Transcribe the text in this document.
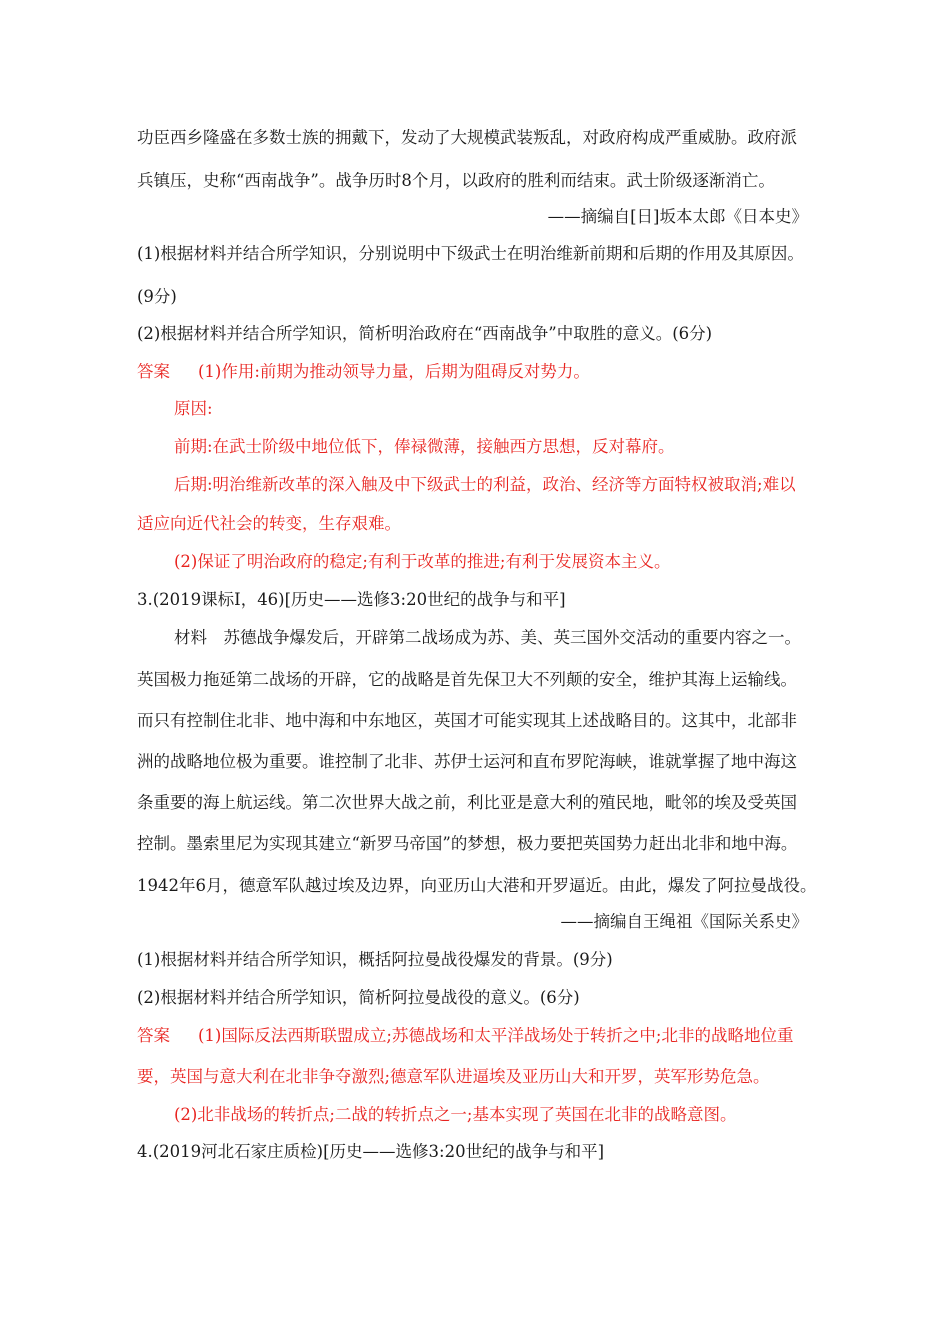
功臣西乡隆盛在多数士族的拥戴下，发动了大规模武装叛乱，对政府构成严重威胁。政府派
兵镇压，史称“西南战争”。战争历时8个月，以政府的胜利而结束。武士阶级逐渐消亡。
——摘编自[日]坂本太郎《日本史》
(1)根据材料并结合所学知识，分别说明中下级武士在明治维新前期和后期的作用及其原因。
(9分)
(2)根据材料并结合所学知识，简析明治政府在“西南战争”中取胜的意义。(6分)
答案 (1)作用:前期为推动领导力量，后期为阻碍反对势力。
原因:
前期:在武士阶级中地位低下，俸禄微薄，接触西方思想，反对幕府。
后期:明治维新改革的深入触及中下级武士的利益，政治、经济等方面特权被取消;难以
适应向近代社会的转变，生存艰难。
(2)保证了明治政府的稳定;有利于改革的推进;有利于发展资本主义。
3.(2019课标Ⅰ，46)[历史——选修3:20世纪的战争与和平]
材料　苏德战争爆发后，开辟第二战场成为苏、美、英三国外交活动的重要内容之一。
英国极力拖延第二战场的开辟，它的战略是首先保卫大不列颠的安全，维护其海上运输线。
而只有控制住北非、地中海和中东地区，英国才可能实现其上述战略目的。这其中，北部非
洲的战略地位极为重要。谁控制了北非、苏伊士运河和直布罗陀海峡，谁就掌握了地中海这
条重要的海上航运线。第二次世界大战之前，利比亚是意大利的殖民地，毗邻的埃及受英国
控制。墨索里尼为实现其建立“新罗马帝国”的梦想，极力要把英国势力赶出北非和地中海。
1942年6月，德意军队越过埃及边界，向亚历山大港和开罗逼近。由此，爆发了阿拉曼战役。
——摘编自王绳祖《国际关系史》
(1)根据材料并结合所学知识，概括阿拉曼战役爆发的背景。(9分)
(2)根据材料并结合所学知识，简析阿拉曼战役的意义。(6分)
答案 (1)国际反法西斯联盟成立;苏德战场和太平洋战场处于转折之中;北非的战略地位重
要，英国与意大利在北非争夺激烈;德意军队进逼埃及亚历山大和开罗，英军形势危急。
(2)北非战场的转折点;二战的转折点之一;基本实现了英国在北非的战略意图。
4.(2019河北石家庄质检)[历史——选修3:20世纪的战争与和平]
